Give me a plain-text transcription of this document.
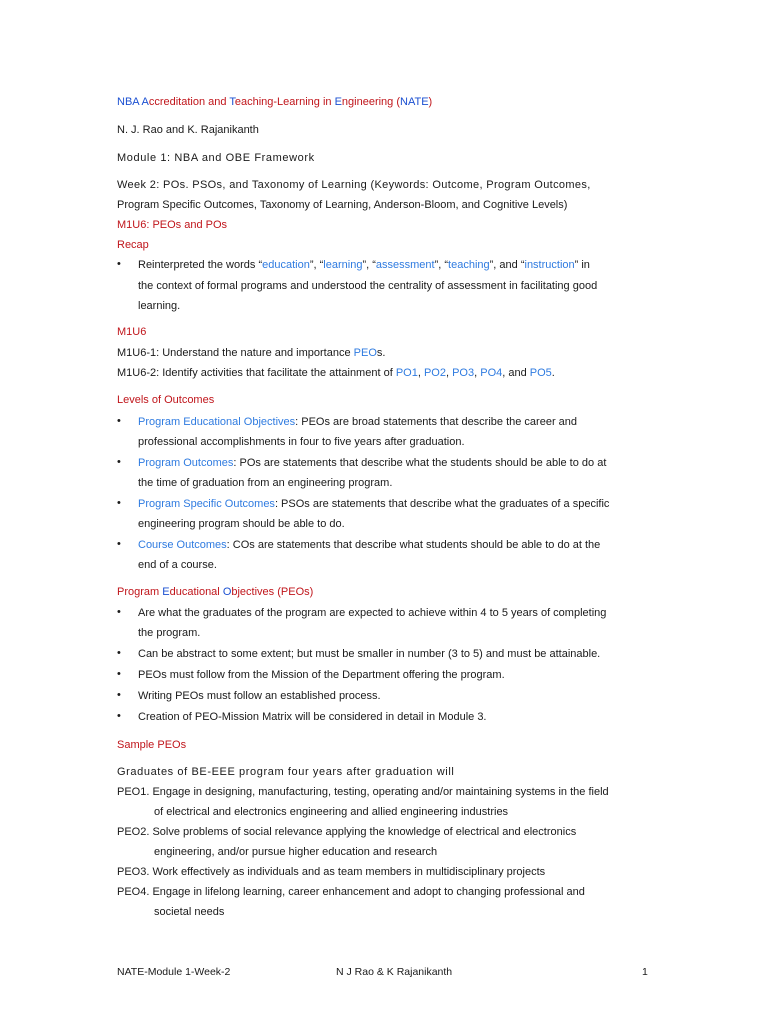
NBA Accreditation and Teaching-Learning in Engineering (NATE)
N. J. Rao and K. Rajanikanth
Module 1: NBA and OBE Framework
Week 2: POs. PSOs, and Taxonomy of Learning (Keywords: Outcome, Program Outcomes,
Program Specific Outcomes, Taxonomy of Learning, Anderson-Bloom, and Cognitive Levels)
M1U6: PEOs and POs
Recap
• Reinterpreted the words “education”, “learning”, “assessment”, “teaching”, and “instruction” in
the context of formal programs and understood the centrality of assessment in facilitating good
learning.
M1U6
M1U6-1: Understand the nature and importance PEOs.
M1U6-2: Identify activities that facilitate the attainment of PO1, PO2, PO3, PO4, and PO5.
Levels of Outcomes
• Program Educational Objectives: PEOs are broad statements that describe the career and
professional accomplishments in four to five years after graduation.
• Program Outcomes: POs are statements that describe what the students should be able to do at
the time of graduation from an engineering program.
• Program Specific Outcomes: PSOs are statements that describe what the graduates of a specific
engineering program should be able to do.
• Course Outcomes: COs are statements that describe what students should be able to do at the
end of a course.
Program Educational Objectives (PEOs)
• Are what the graduates of the program are expected to achieve within 4 to 5 years of completing
the program.
• Can be abstract to some extent; but must be smaller in number (3 to 5) and must be attainable.
• PEOs must follow from the Mission of the Department offering the program.
• Writing PEOs must follow an established process.
• Creation of PEO-Mission Matrix will be considered in detail in Module 3.
Sample PEOs
Graduates of BE-EEE program four years after graduation will
PEO1. Engage in designing, manufacturing, testing, operating and/or maintaining systems in the field
of electrical and electronics engineering and allied engineering industries
PEO2. Solve problems of social relevance applying the knowledge of electrical and electronics
engineering, and/or pursue higher education and research
PEO3. Work effectively as individuals and as team members in multidisciplinary projects
PEO4. Engage in lifelong learning, career enhancement and adopt to changing professional and
societal needs
NATE-Module 1-Week-2	N J Rao & K Rajanikanth	1
